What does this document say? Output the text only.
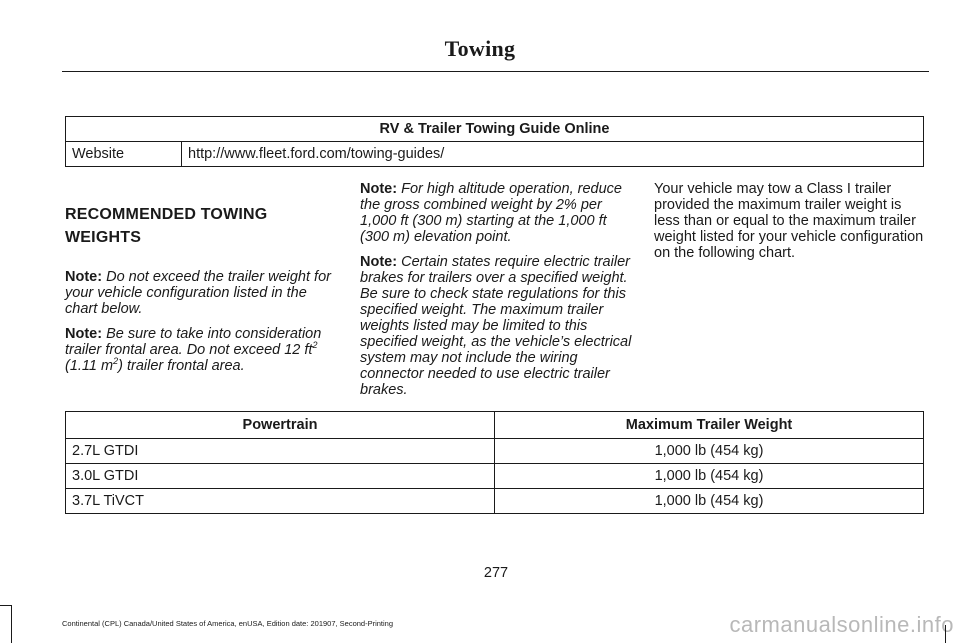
Towing
RV & Trailer Towing Guide Online
Website	http://www.fleet.ford.com/towing-guides/

RECOMMENDED TOWING
WEIGHTS

Note: Do not exceed the trailer weight for your vehicle configuration listed in the chart below.

Note: Be sure to take into consideration trailer frontal area. Do not exceed 12 $ft^2$ (1.11 $m^2$) trailer frontal area.

Note: For high altitude operation, reduce the gross combined weight by 2% per 1,000 ft (300 m) starting at the 1,000 ft (300 m) elevation point.

Note: Certain states require electric trailer brakes for trailers over a specified weight. Be sure to check state regulations for this specified weight. The maximum trailer weights listed may be limited to this specified weight, as the vehicle’s electrical system may not include the wiring connector needed to use electric trailer brakes.

Your vehicle may tow a Class I trailer provided the maximum trailer weight is less than or equal to the maximum trailer weight listed for your vehicle configuration on the following chart.

Powertrain	Maximum Trailer Weight
2.7L GTDI	1,000 lb (454 kg)
3.0L GTDI	1,000 lb (454 kg)
3.7L TiVCT	1,000 lb (454 kg)
277
Continental (CPL) Canada/United States of America, enUSA, Edition date: 201907, Second-Printing	carmanualsonline.info
